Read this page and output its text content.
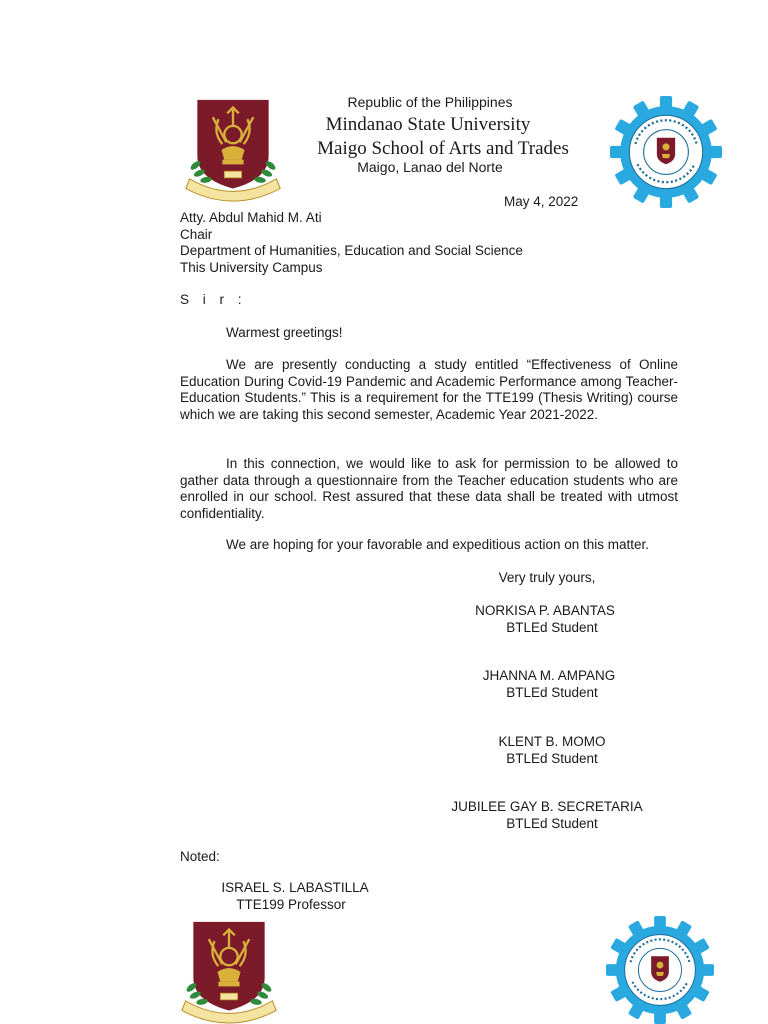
Republic of the Philippines
Mindanao State University
Maigo School of Arts and Trades
Maigo, Lanao del Norte
May 4, 2022
Atty. Abdul Mahid M. Ati
Chair
Department of Humanities, Education and Social Science
This University Campus
S i r :
Warmest greetings!
We are presently conducting a study entitled “Effectiveness of Online Education During Covid-19 Pandemic and Academic Performance among Teacher-Education Students.” This is a requirement for the TTE199 (Thesis Writing) course which we are taking this second semester, Academic Year 2021-2022.
In this connection, we would like to ask for permission to be allowed to gather data through a questionnaire from the Teacher education students who are enrolled in our school. Rest assured that these data shall be treated with utmost confidentiality.
We are hoping for your favorable and expeditious action on this matter.
Very truly yours,
NORKISA P. ABANTAS
BTLEd Student
JHANNA M. AMPANG
BTLEd Student
KLENT B. MOMO
BTLEd Student
JUBILEE GAY B. SECRETARIA
BTLEd Student
Noted:
ISRAEL S. LABASTILLA
TTE199 Professor
